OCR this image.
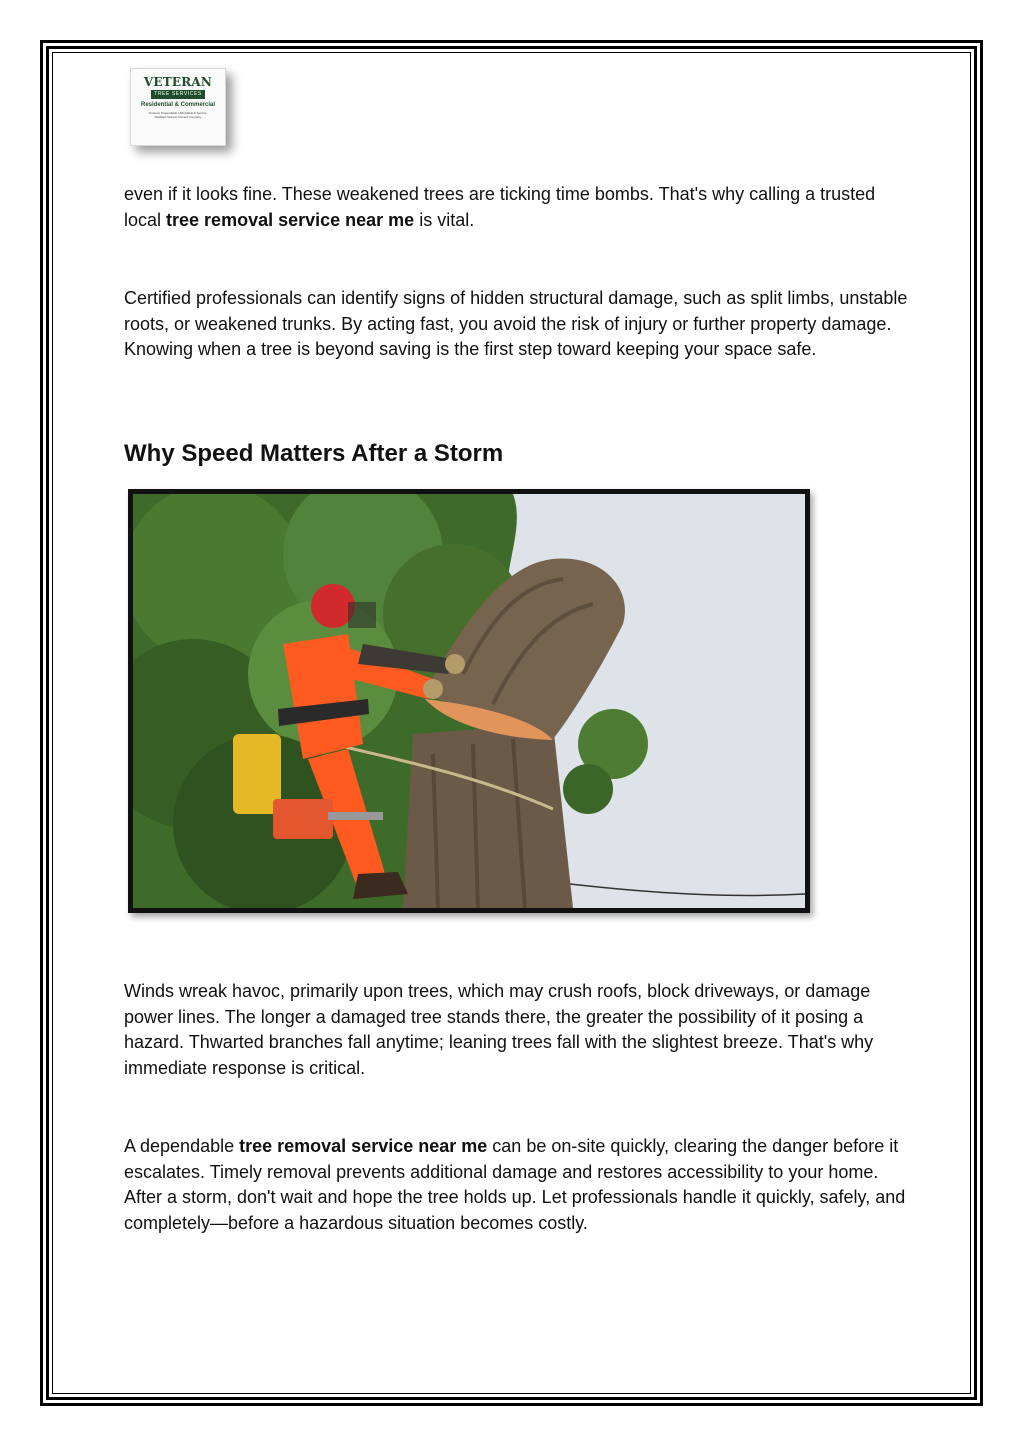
VETERAN
TREE SERVICES
Residential & Commercial
Trusted | Dependable | Affordable A Service-Disabled Veteran Owned Company

even if it looks fine. These weakened trees are ticking time bombs. That's why calling a trusted local tree removal service near me is vital.

Certified professionals can identify signs of hidden structural damage, such as split limbs, unstable roots, or weakened trunks. By acting fast, you avoid the risk of injury or further property damage. Knowing when a tree is beyond saving is the first step toward keeping your space safe.

Why Speed Matters After a Storm

Winds wreak havoc, primarily upon trees, which may crush roofs, block driveways, or damage power lines. The longer a damaged tree stands there, the greater the possibility of it posing a hazard. Thwarted branches fall anytime; leaning trees fall with the slightest breeze. That's why immediate response is critical.

A dependable tree removal service near me can be on-site quickly, clearing the danger before it escalates. Timely removal prevents additional damage and restores accessibility to your home. After a storm, don't wait and hope the tree holds up. Let professionals handle it quickly, safely, and completely—before a hazardous situation becomes costly.
